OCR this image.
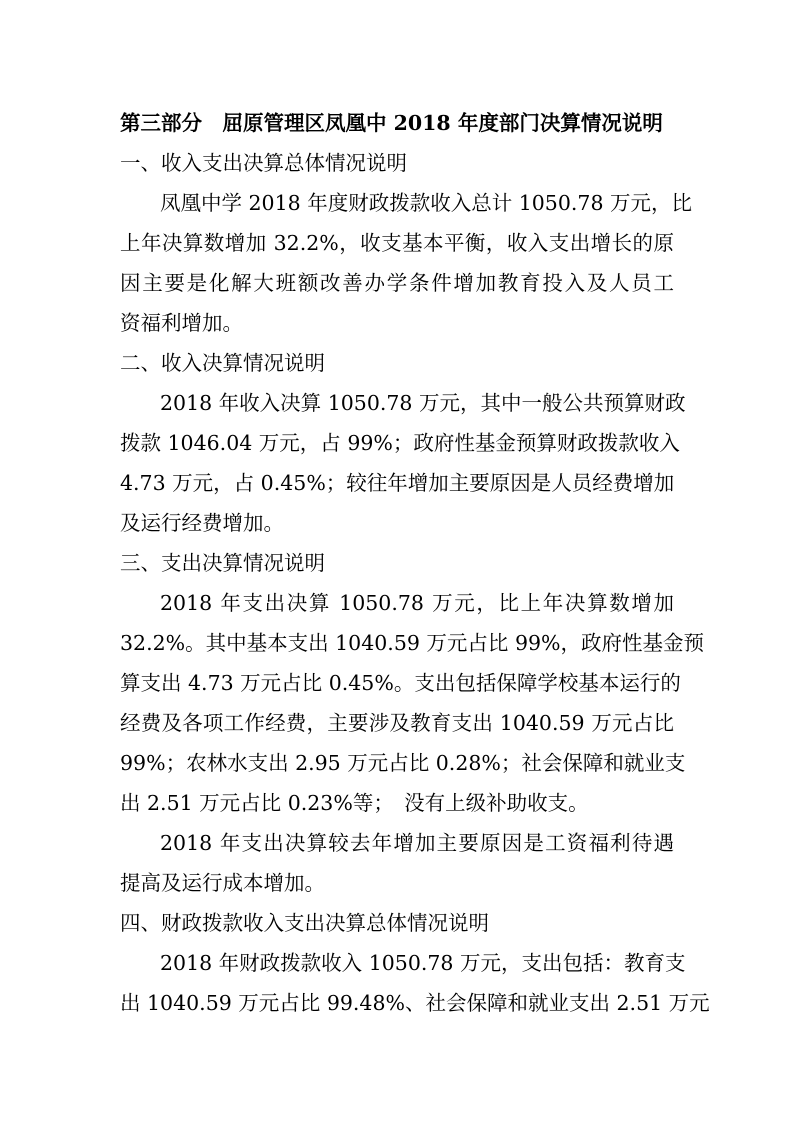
第三部分　屈原管理区凤凰中 2018 年度部门决算情况说明
一、收入支出决算总体情况说明
凤凰中学 2018 年度财政拨款收入总计 1050.78 万元，比
上年决算数增加 32.2%，收支基本平衡，收入支出增长的原
因主要是化解大班额改善办学条件增加教育投入及人员工
资福利增加。
二、收入决算情况说明
2018 年收入决算 1050.78 万元，其中一般公共预算财政
拨款 1046.04 万元，占 99%；政府性基金预算财政拨款收入
4.73 万元，占 0.45%；较往年增加主要原因是人员经费增加
及运行经费增加。
三、支出决算情况说明
2018 年支出决算 1050.78 万元，比上年决算数增加
32.2%。其中基本支出 1040.59 万元占比 99%，政府性基金预
算支出 4.73 万元占比 0.45%。支出包括保障学校基本运行的
经费及各项工作经费，主要涉及教育支出 1040.59 万元占比
99%；农林水支出 2.95 万元占比 0.28%；社会保障和就业支
出 2.51 万元占比 0.23%等；　没有上级补助收支。
2018 年支出决算较去年增加主要原因是工资福利待遇
提高及运行成本增加。
四、财政拨款收入支出决算总体情况说明
2018 年财政拨款收入 1050.78 万元，支出包括：教育支
出 1040.59 万元占比 99.48%、社会保障和就业支出 2.51 万元
